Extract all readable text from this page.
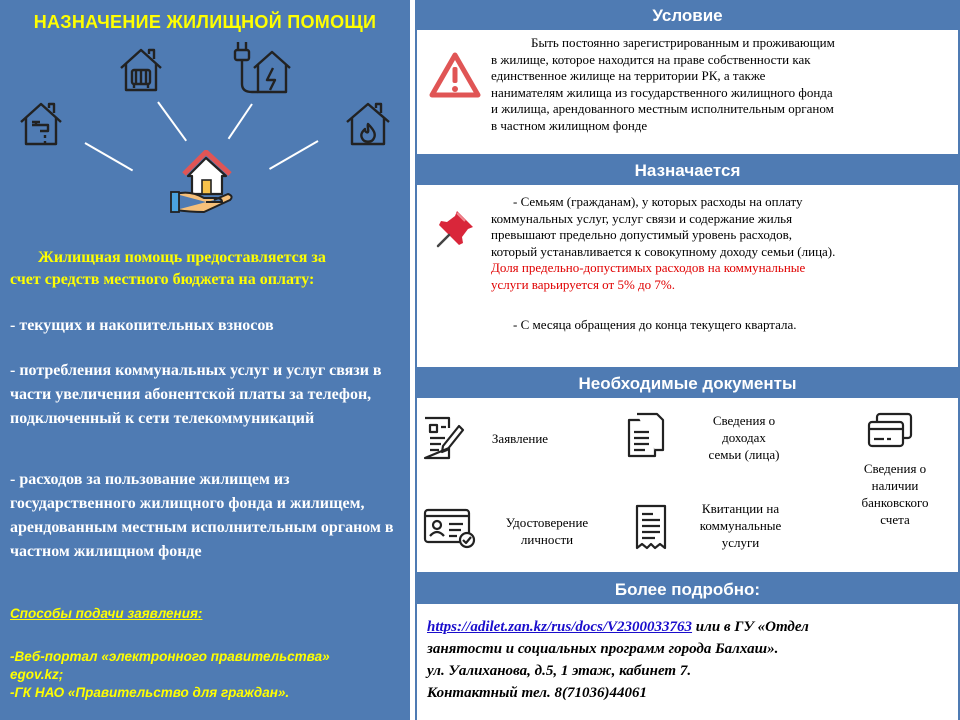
НАЗНАЧЕНИЕ ЖИЛИЩНОЙ ПОМОЩИ
Жилищная помощь предоставляется за
счет средств местного бюджета на оплату:
- текущих и накопительных взносов
- потребления коммунальных услуг и услуг связи в части увеличения абонентской платы за телефон, подключенный к сети телекоммуникаций
- расходов за пользование жилищем из государственного жилищного фонда и жилищем, арендованным местным исполнительным органом в частном жилищном фонде
Способы подачи заявления:
-Веб-портал «электронного правительства»
egov.kz;
-ГК НАО «Правительство для граждан».
Условие
Быть постоянно зарегистрированным и проживающим
в жилище, которое находится на праве собственности как
единственное жилище на территории РК, а также
нанимателям жилища из государственного жилищного фонда
и жилища, арендованного местным исполнительным органом
в частном жилищном фонде
Назначается
- Семьям (гражданам), у которых расходы на оплату
коммунальных услуг, услуг связи и содержание жилья
превышают предельно допустимый уровень расходов,
который устанавливается к совокупному доходу семьи (лица).
Доля предельно-допустимых расходов на коммунальные
услуги варьируется от 5% до 7%.
- С месяца обращения до конца текущего квартала.
Необходимые документы
Заявление
Сведения о
доходах
семьи (лица)
Сведения о
наличии
банковского
счета
Удостоверение
личности
Квитанции на
коммунальные
услуги
Более подробно:
https://adilet.zan.kz/rus/docs/V2300033763 или в ГУ «Отдел
занятости и социальных программ города Балхаш».
ул. Уалиханова, д.5, 1 этаж, кабинет 7.
Контактный тел. 8(71036)44061
